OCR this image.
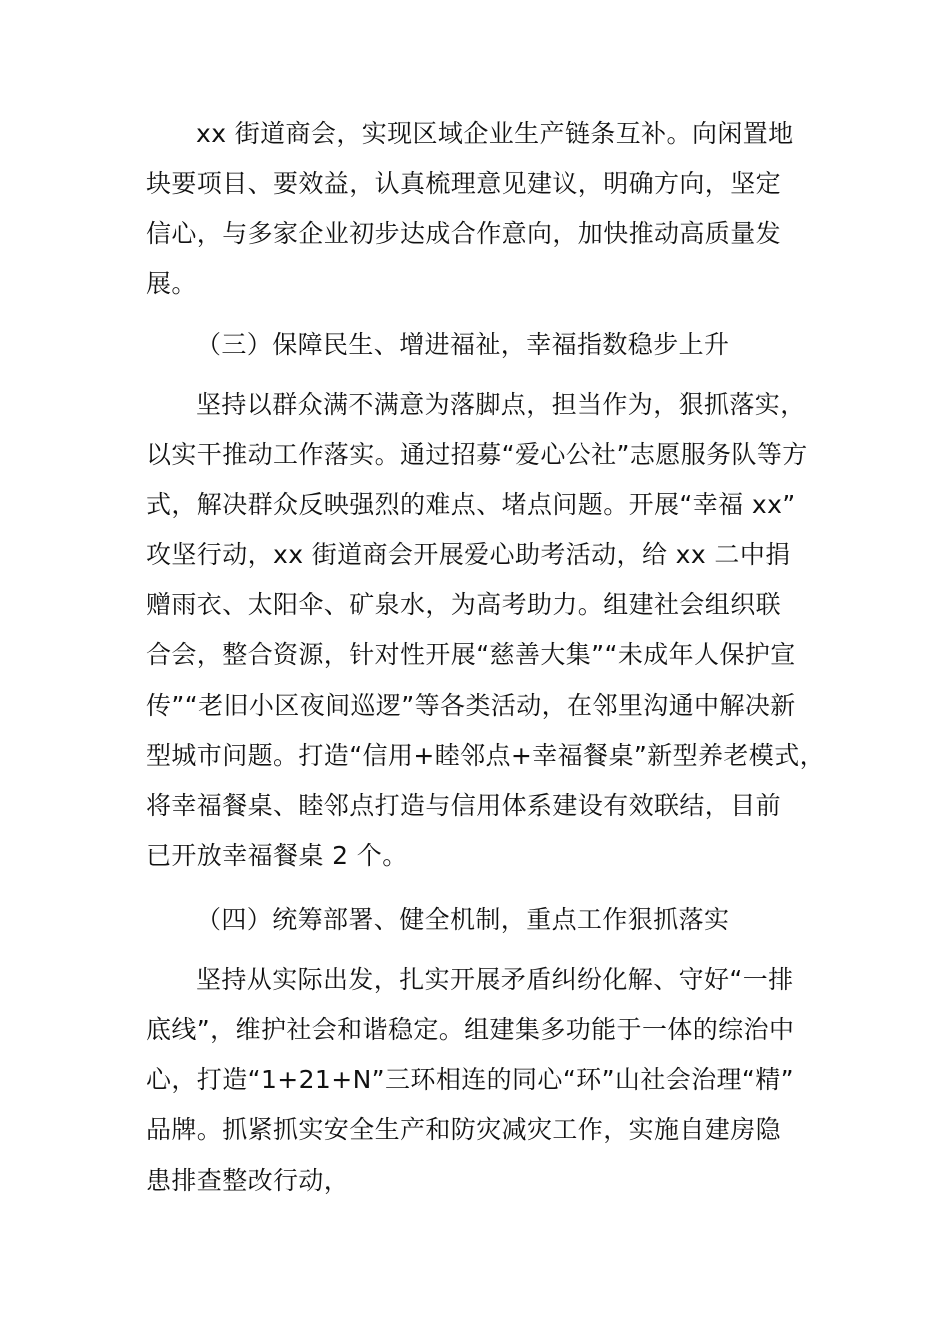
xx 街道商会，实现区域企业生产链条互补。向闲置地
块要项目、要效益，认真梳理意见建议，明确方向，坚定
信心，与多家企业初步达成合作意向，加快推动高质量发
展。
（三）保障民生、增进福祉，幸福指数稳步上升
坚持以群众满不满意为落脚点，担当作为，狠抓落实，
以实干推动工作落实。通过招募“爱心公社”志愿服务队等方
式，解决群众反映强烈的难点、堵点问题。开展“幸福 xx”
攻坚行动，xx 街道商会开展爱心助考活动，给 xx 二中捐
赠雨衣、太阳伞、矿泉水，为高考助力。组建社会组织联
合会，整合资源，针对性开展“慈善大集”“未成年人保护宣
传”“老旧小区夜间巡逻”等各类活动，在邻里沟通中解决新
型城市问题。打造“信用+睦邻点+幸福餐桌”新型养老模式，
将幸福餐桌、睦邻点打造与信用体系建设有效联结，目前
已开放幸福餐桌 2 个。
（四）统筹部署、健全机制，重点工作狠抓落实
坚持从实际出发，扎实开展矛盾纠纷化解、守好“一排
底线”，维护社会和谐稳定。组建集多功能于一体的综治中
心，打造“1+21+N”三环相连的同心“环”山社会治理“精”
品牌。抓紧抓实安全生产和防灾减灾工作，实施自建房隐
患排查整改行动，
